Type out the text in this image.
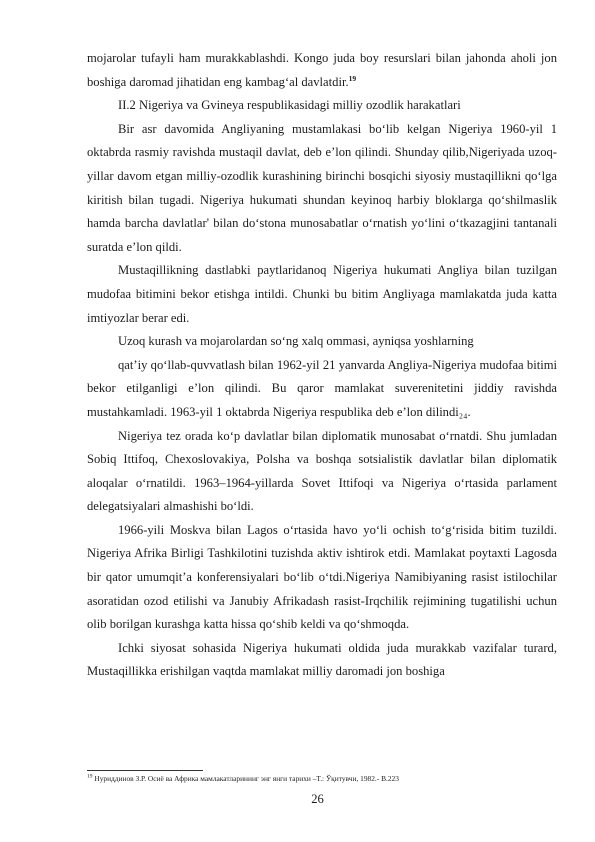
mojarolar tufayli ham murakkablashdi. Kongo juda boy resurslari bilan jahonda aholi jon boshiga daromad jihatidan eng kambag‘al davlatdir.$^{19}$

II.2 Nigeriya va Gvineya respublikasidagi milliy ozodlik harakatlari

Bir asr davomida Angliyaning mustamlakasi bo‘lib kelgan Nigeriya 1960-yil 1 oktabrda rasmiy ravishda mustaqil davlat, deb e’lon qilindi. Shunday qilib,Nigeriyada uzoq-yillar davom etgan milliy-ozodlik kurashining birinchi bosqichi siyosiy mustaqillikni qo‘lga kiritish bilan tugadi. Nigeriya hukumati shundan keyinoq harbiy bloklarga qo‘shilmaslik hamda barcha davlatlar' bilan do‘stona munosabatlar o‘rnatish yo‘lini o‘tkazagjini tantanali suratda e’lon qildi.

Mustaqillikning dastlabki paytlaridanoq Nigeriya hukumati Angliya bilan tuzilgan mudofaa bitimini bekor etishga intildi. Chunki bu bitim Angliyaga mamlakatda juda katta imtiyozlar berar edi.

Uzoq kurash va mojarolardan so‘ng xalq ommasi, ayniqsa yoshlarning

qat’iy qo‘llab-quvvatlash bilan 1962-yil 21 yanvarda Angliya-Nigeriya mudofaa bitimi bekor etilganligi e’lon qilindi. Bu qaror mamlakat suverenitetini jiddiy ravishda mustahkamladi. 1963-yil 1 oktabrda Nigeriya respublika deb e’lon dilindi₂₄.

Nigeriya tez orada ko‘p davlatlar bilan diplomatik munosabat o‘rnatdi. Shu jumladan Sobiq Ittifoq, Chexoslovakiya, Polsha va boshqa sotsialistik davlatlar bilan diplomatik aloqalar o‘rnatildi. 1963–1964-yillarda Sovet Ittifoqi va Nigeriya o‘rtasida parlament delegatsiyalari almashishi bo‘ldi.

1966-yili Moskva bilan Lagos o‘rtasida havo yo‘li ochish to‘g‘risida bitim tuzildi. Nigeriya Afrika Birligi Tashkilotini tuzishda aktiv ishtirok etdi. Mamlakat poytaxti Lagosda bir qator umumqit’a konferensiyalari bo‘lib o‘tdi.Nigeriya Namibiyaning rasist istilochilar asoratidan ozod etilishi va Janubiy Afrikadash rasist-Irqchilik rejimining tugatilishi uchun olib borilgan kurashga katta hissa qo‘shib keldi va qo‘shmoqda.

Ichki siyosat sohasida Nigeriya hukumati oldida juda murakkab vazifalar turard, Mustaqillikka erishilgan vaqtda mamlakat milliy daromadi jon boshiga

$^{19}$ Нуриддинов З.Р. Осиё ва Африка мамлакатларининг энг янги тарихи –Т.: Ўқитувчи, 1982.- B.223
26
